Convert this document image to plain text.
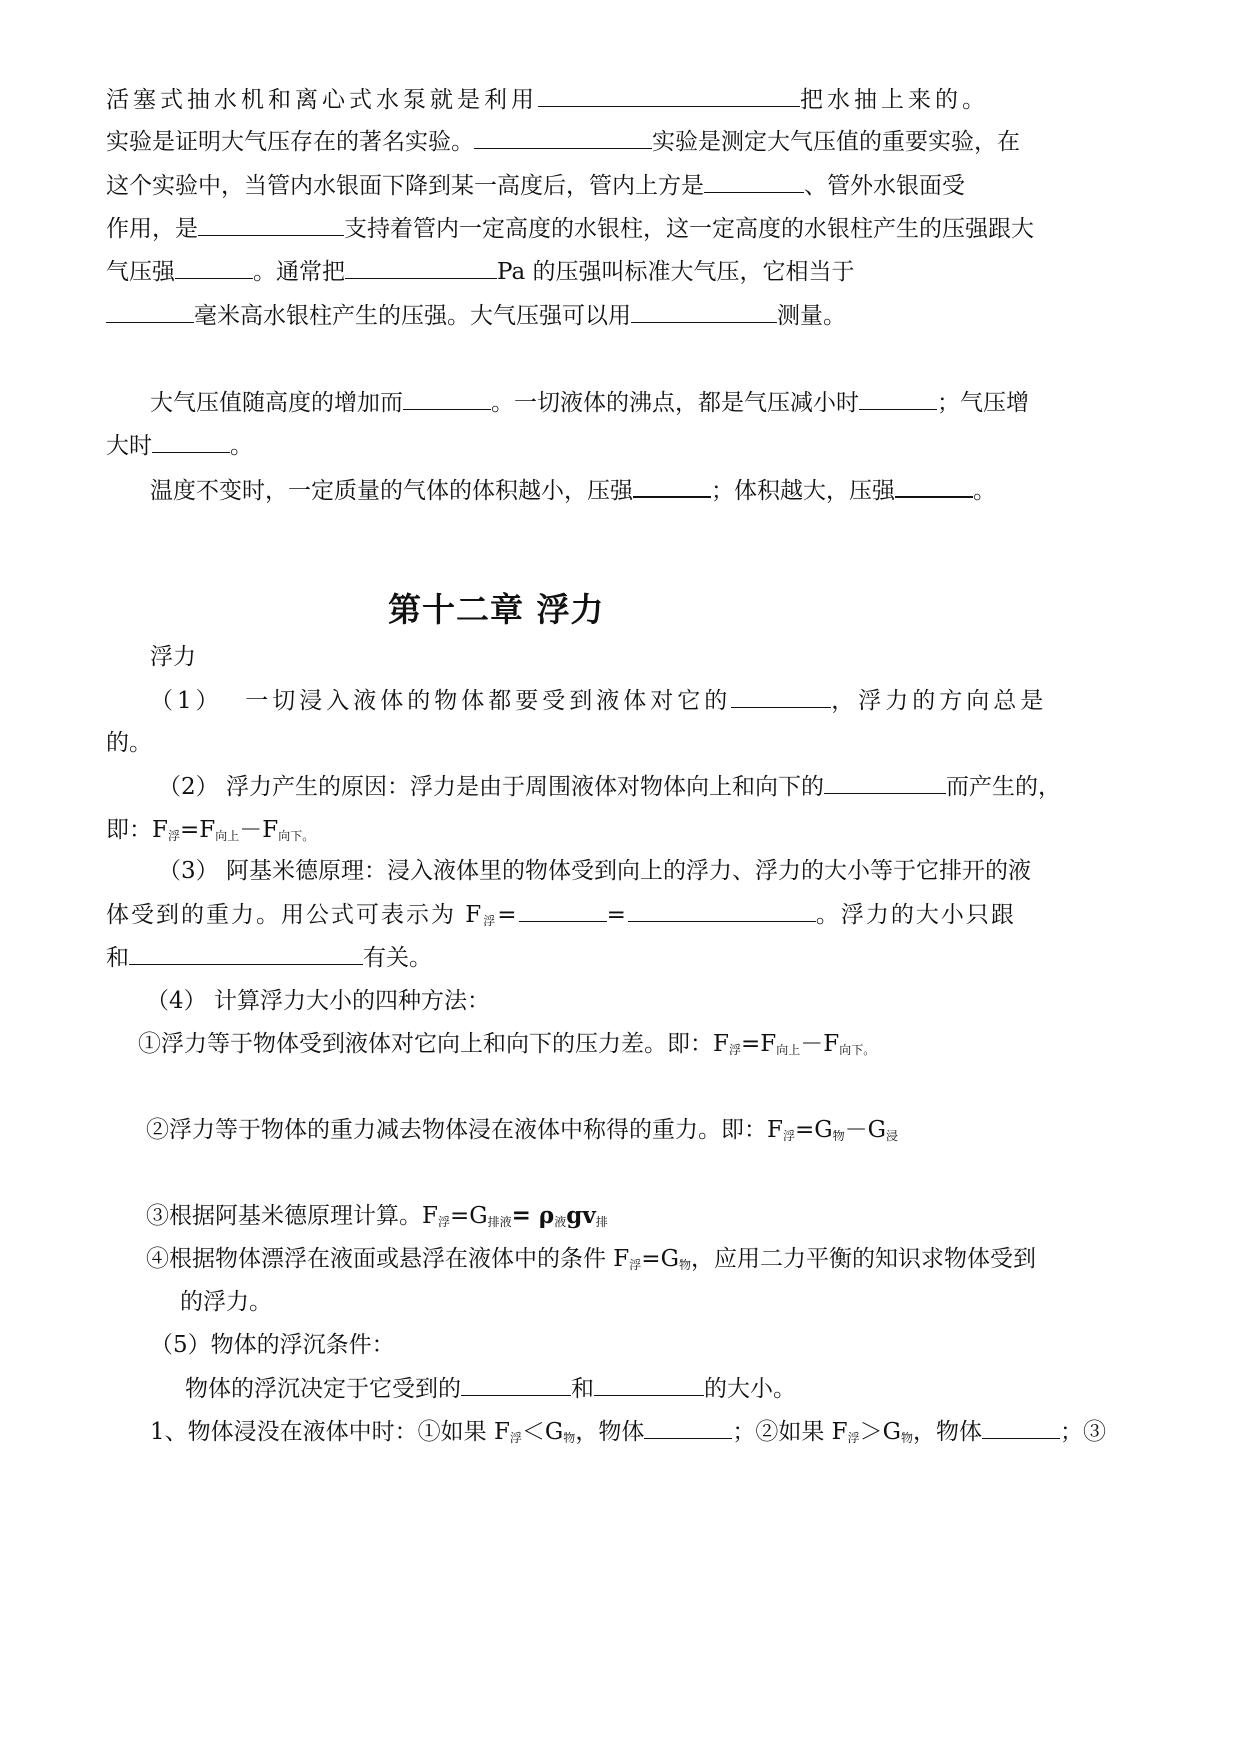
活塞式抽水机和离心式水泵就是利用	把水抽上来的。
实验是证明大气压存在的著名实验。	实验是测定大气压值的重要实验，在
这个实验中，当管内水银面下降到某一高度后，管内上方是	、管外水银面受
作用，是	支持着管内一定高度的水银柱，这一定高度的水银柱产生的压强跟大
气压强	。通常把	Pa 的压强叫标准大气压，它相当于
毫米高水银柱产生的压强。大气压强可以用	测量。
大气压值随高度的增加而	。一切液体的沸点，都是气压减小时	；气压增
大时	。
温度不变时，一定质量的气体的体积越小，压强	；体积越大，压强	。
第十二章 浮力
浮力
（1） 一切浸入液体的物体都要受到液体对它的	，浮力的方向总是
的。
（2） 浮力产生的原因：浮力是由于周围液体对物体向上和向下的	而产生的，
即：$F_浮=F_{向上}-F_{向下。}$
（3） 阿基米德原理：浸入液体里的物体受到向上的浮力、浮力的大小等于它排开的液
体受到的重力。用公式可表示为 $F_浮=$	=	。浮力的大小只跟
和	有关。
（4） 计算浮力大小的四种方法：
①浮力等于物体受到液体对它向上和向下的压力差。即：$F_浮=F_{向上}-F_{向下。}$
②浮力等于物体的重力减去物体浸在液体中称得的重力。即：$F_浮=G_物-G_浸$
③根据阿基米德原理计算。$F_浮=G_{排液}= \rho_液gv_排$
④根据物体漂浮在液面或悬浮在液体中的条件 $F_浮=G_物$，应用二力平衡的知识求物体受到
的浮力。
（5）物体的浮沉条件：
物体的浮沉决定于它受到的	和	的大小。
1、物体浸没在液体中时：①如果 $F_浮<G_物$，物体	；②如果 $F_浮>G_物$，物体	；③
